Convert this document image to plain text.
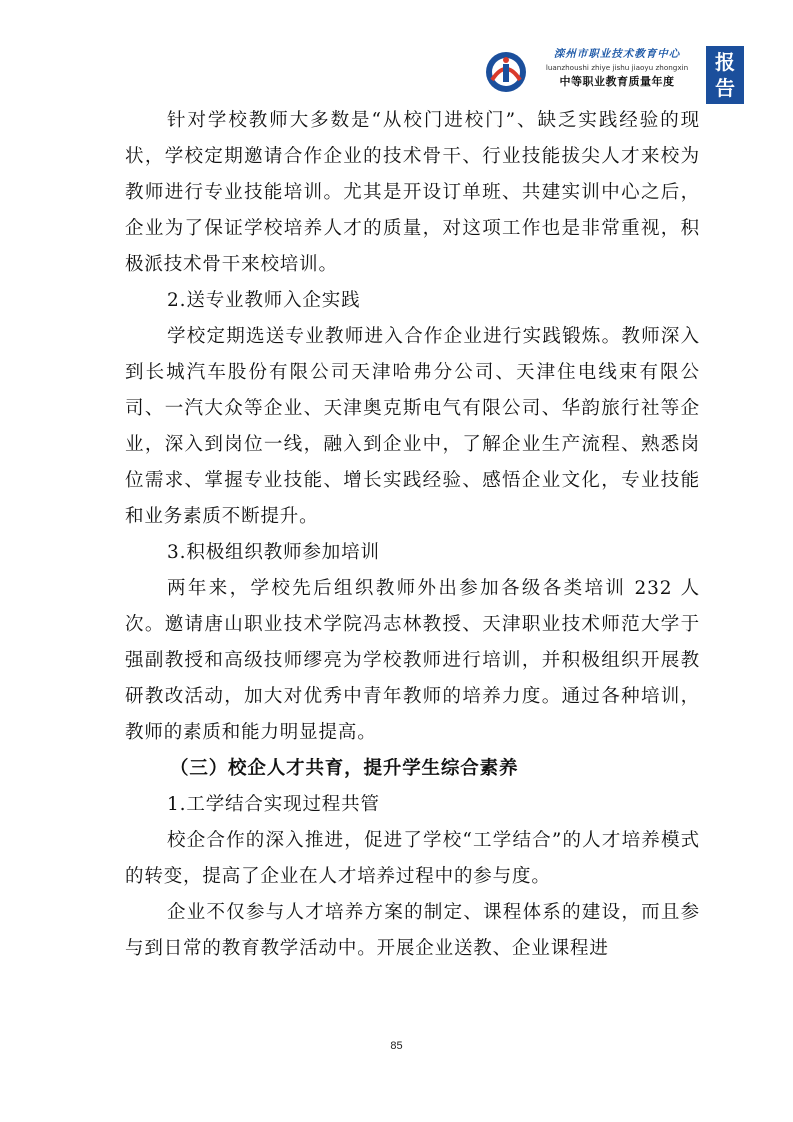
滦州市职业技术教育中心
luanzhoushi zhiye jishu jiaoyu zhongxin
中等职业教育质量年度
报
告

针对学校教师大多数是“从校门进校门”、缺乏实践经验的现状，学校定期邀请合作企业的技术骨干、行业技能拔尖人才来校为教师进行专业技能培训。尤其是开设订单班、共建实训中心之后，企业为了保证学校培养人才的质量，对这项工作也是非常重视，积极派技术骨干来校培训。

2.送专业教师入企实践

学校定期选送专业教师进入合作企业进行实践锻炼。教师深入到长城汽车股份有限公司天津哈弗分公司、天津住电线束有限公司、一汽大众等企业、天津奥克斯电气有限公司、华韵旅行社等企业，深入到岗位一线，融入到企业中，了解企业生产流程、熟悉岗位需求、掌握专业技能、增长实践经验、感悟企业文化，专业技能和业务素质不断提升。

3.积极组织教师参加培训

两年来，学校先后组织教师外出参加各级各类培训 232 人次。邀请唐山职业技术学院冯志林教授、天津职业技术师范大学于强副教授和高级技师缪亮为学校教师进行培训，并积极组织开展教研教改活动，加大对优秀中青年教师的培养力度。通过各种培训，教师的素质和能力明显提高。

（三）校企人才共育，提升学生综合素养

1.工学结合实现过程共管

校企合作的深入推进，促进了学校“工学结合”的人才培养模式的转变，提高了企业在人才培养过程中的参与度。

企业不仅参与人才培养方案的制定、课程体系的建设，而且参与到日常的教育教学活动中。开展企业送教、企业课程进

85
